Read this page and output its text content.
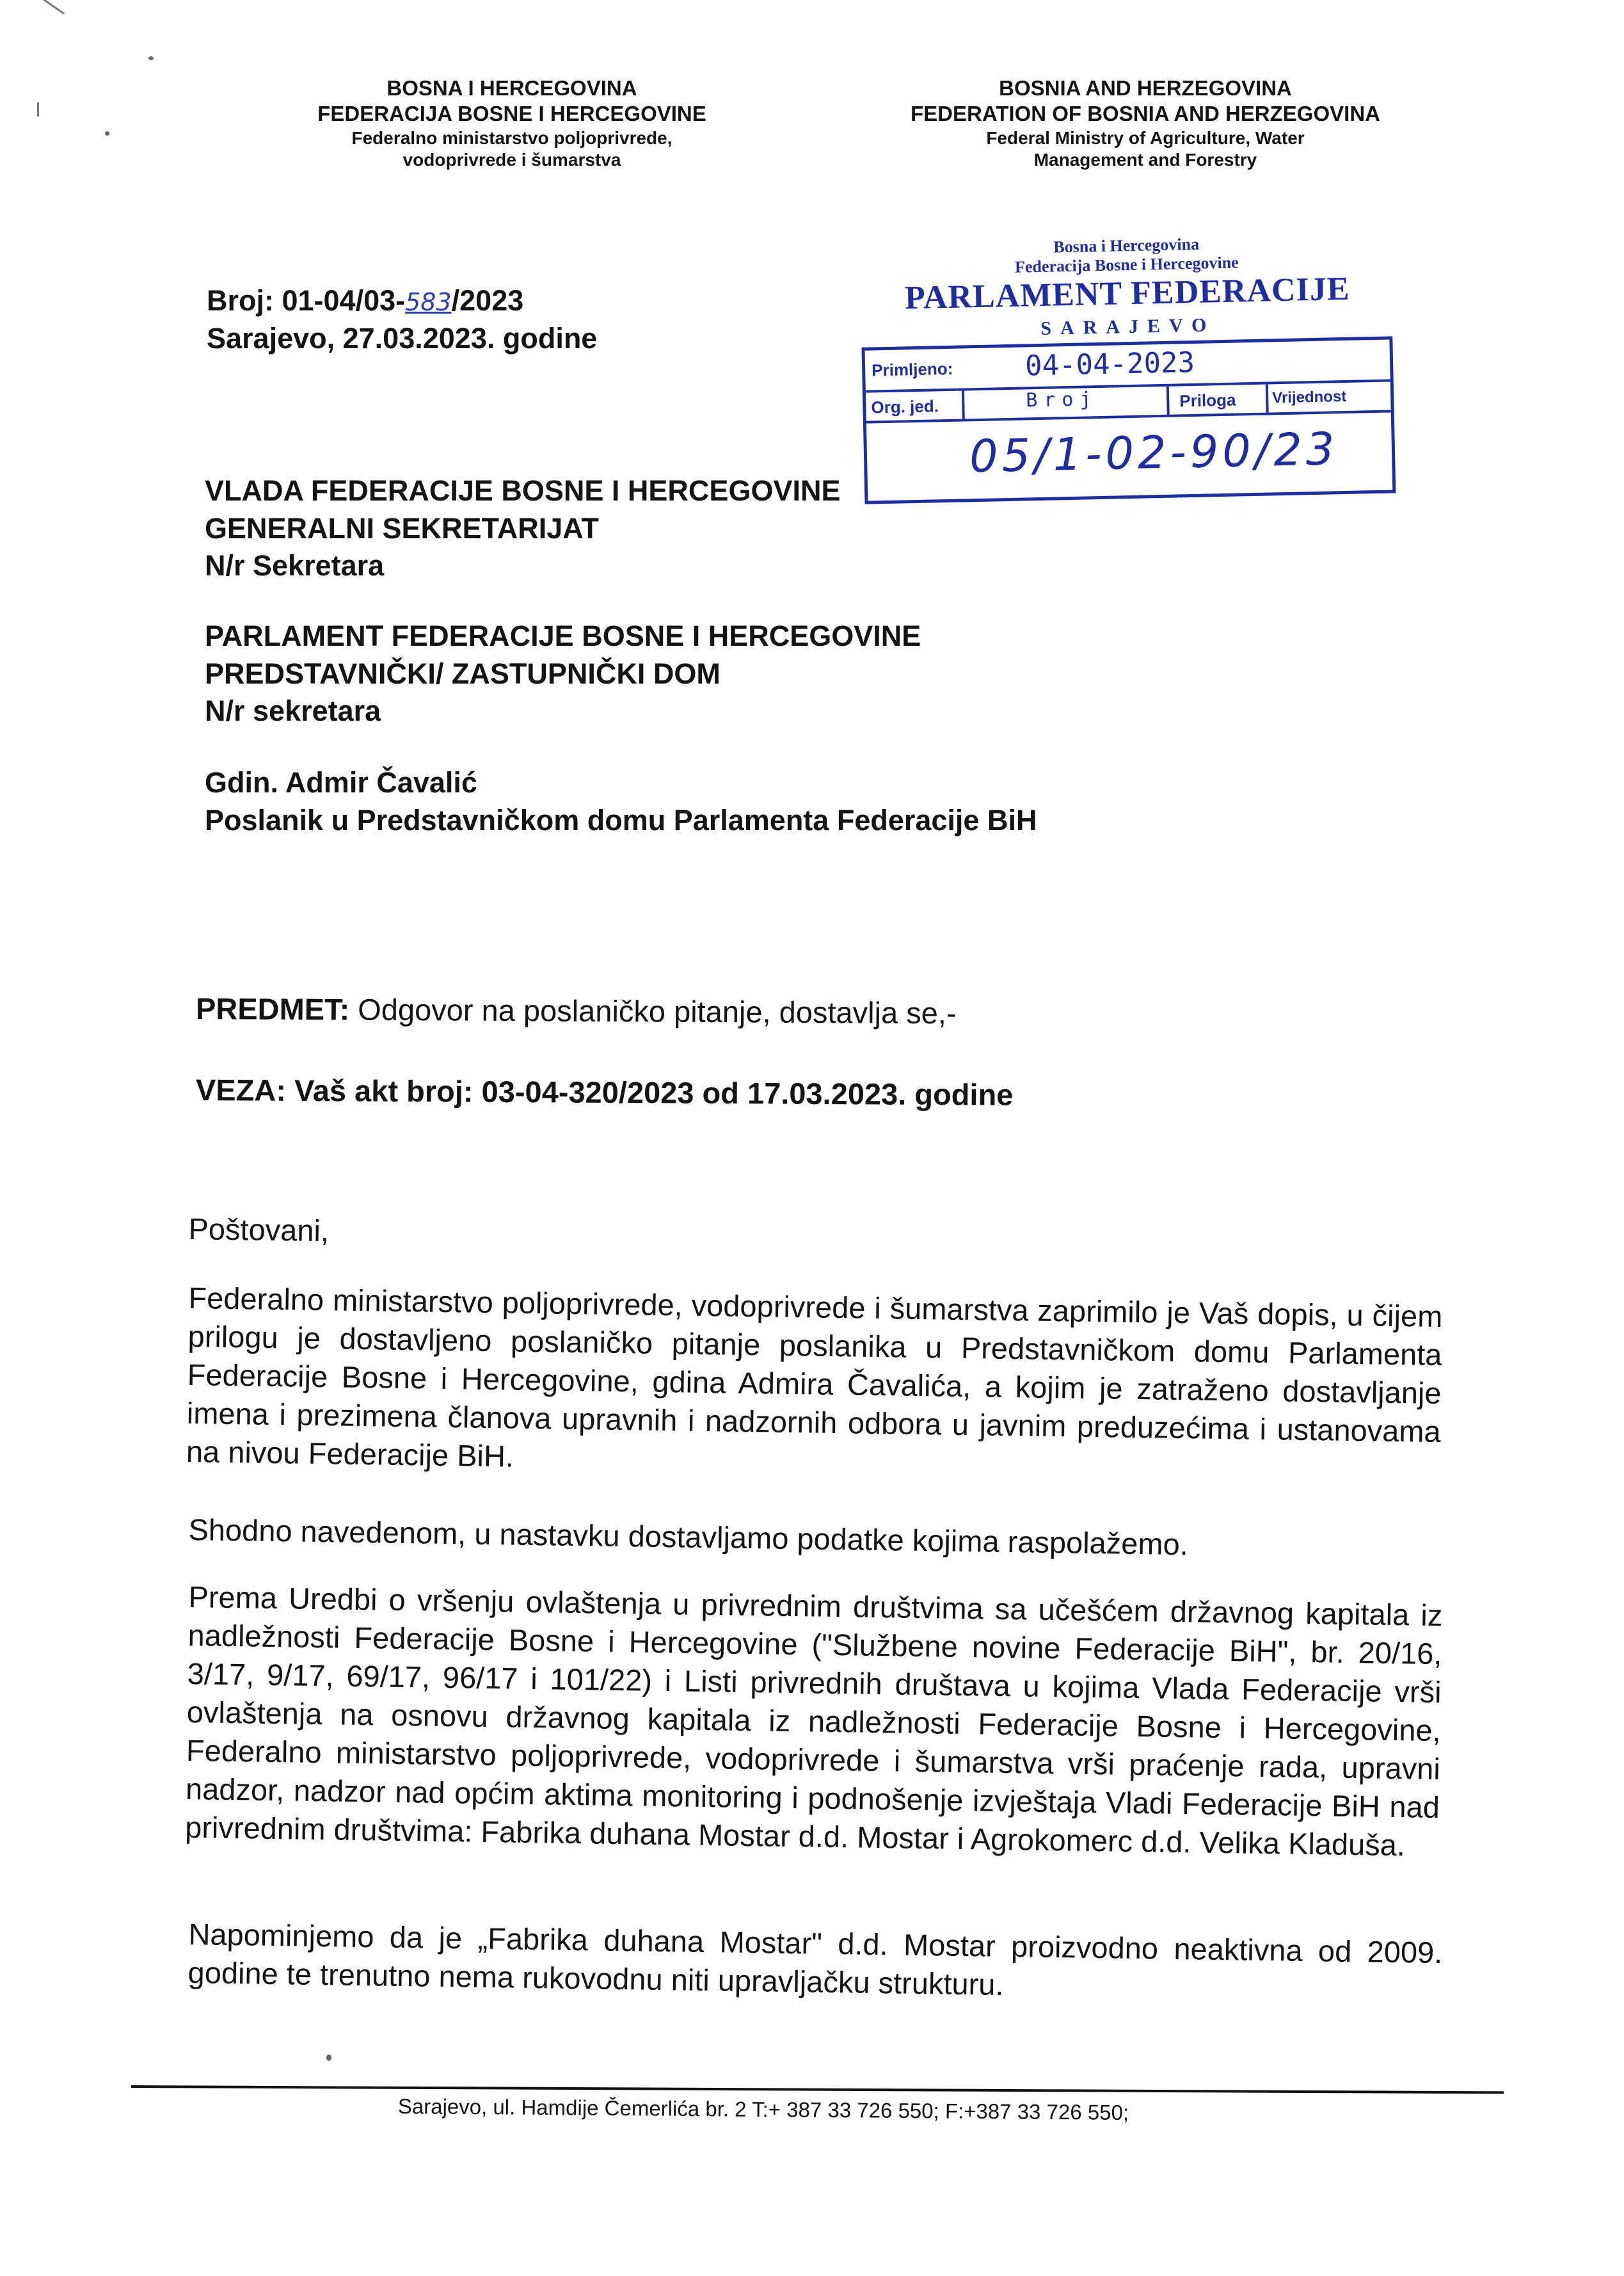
BOSNA I HERCEGOVINA
FEDERACIJA BOSNE I HERCEGOVINE
Federalno ministarstvo poljoprivrede,
vodoprivrede i šumarstva
BOSNIA AND HERZEGOVINA
FEDERATION OF BOSNIA AND HERZEGOVINA
Federal Ministry of Agriculture, Water
Management and Forestry
Broj: 01-04/03-583/2023
Sarajevo, 27.03.2023. godine
Bosna i Hercegovina
Federacija Bosne i Hercegovine
PARLAMENT FEDERACIJE
SARAJEVO
Primljeno:	04-04-2023
Org. jed.	Broj	Priloga Vrijednost
05/1-02-90/23
VLADA FEDERACIJE BOSNE I HERCEGOVINE
GENERALNI SEKRETARIJAT
N/r Sekretara
PARLAMENT FEDERACIJE BOSNE I HERCEGOVINE
PREDSTAVNIČKI/ ZASTUPNIČKI DOM
N/r sekretara
Gdin. Admir Čavalić
Poslanik u Predstavničkom domu Parlamenta Federacije BiH
PREDMET: Odgovor na poslaničko pitanje, dostavlja se,-
VEZA: Vaš akt broj: 03-04-320/2023 od 17.03.2023. godine
Poštovani,
Federalno ministarstvo poljoprivrede, vodoprivrede i šumarstva zaprimilo je Vaš dopis, u čijem prilogu je dostavljeno poslaničko pitanje poslanika u Predstavničkom domu Parlamenta Federacije Bosne i Hercegovine, gdina Admira Čavalića, a kojim je zatraženo dostavljanje imena i prezimena članova upravnih i nadzornih odbora u javnim preduzećima i ustanovama na nivou Federacije BiH.
Shodno navedenom, u nastavku dostavljamo podatke kojima raspolažemo.
Prema Uredbi o vršenju ovlaštenja u privrednim društvima sa učešćem državnog kapitala iz nadležnosti Federacije Bosne i Hercegovine ("Službene novine Federacije BiH", br. 20/16, 3/17, 9/17, 69/17, 96/17 i 101/22) i Listi privrednih društava u kojima Vlada Federacije vrši ovlaštenja na osnovu državnog kapitala iz nadležnosti Federacije Bosne i Hercegovine, Federalno ministarstvo poljoprivrede, vodoprivrede i šumarstva vrši praćenje rada, upravni nadzor, nadzor nad općim aktima monitoring i podnošenje izvještaja Vladi Federacije BiH nad privrednim društvima: Fabrika duhana Mostar d.d. Mostar i Agrokomerc d.d. Velika Kladuša.
Napominjemo da je „Fabrika duhana Mostar" d.d. Mostar proizvodno neaktivna od 2009. godine te trenutno nema rukovodnu niti upravljačku strukturu.
Sarajevo, ul. Hamdije Čemerlića br. 2 T:+ 387 33 726 550; F:+387 33 726 550;
